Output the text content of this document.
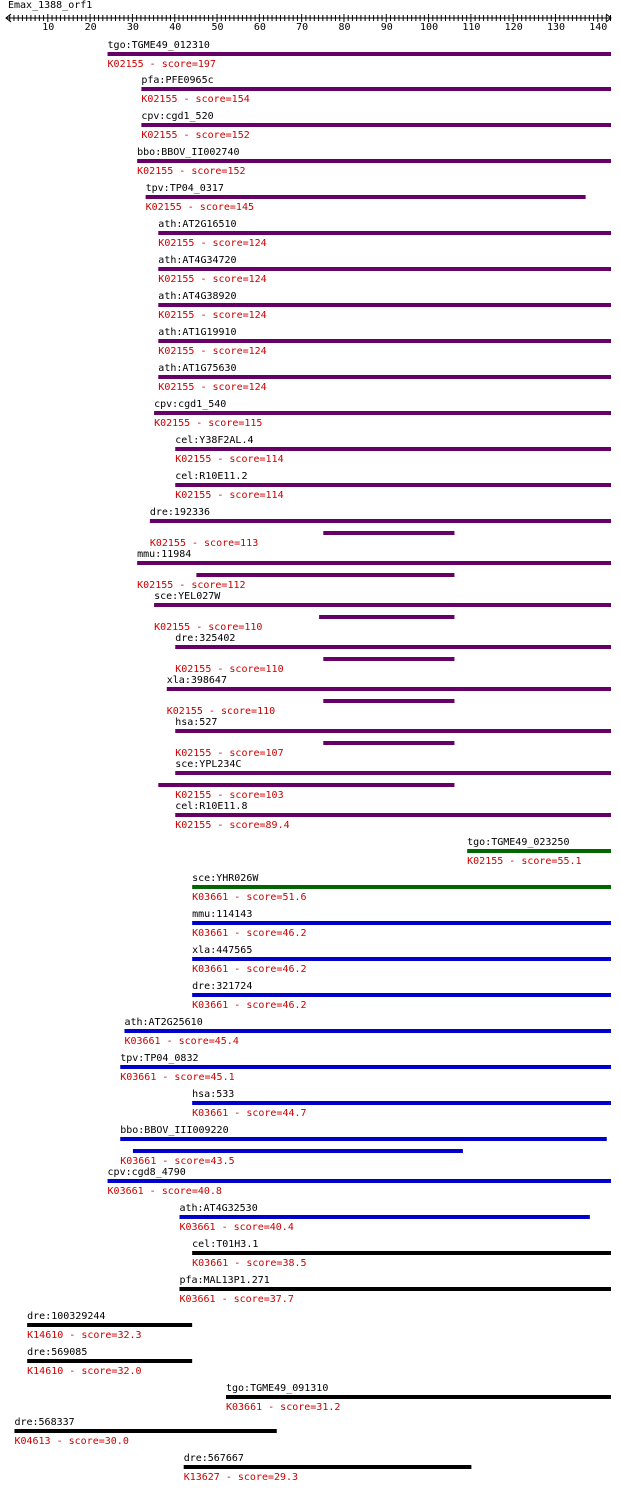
Emax_1388_orf1
10	20	30	40	50	60	70	80	90	100 110 120 130 140
tgo:TGME49_012310
K02155 - score=197
pfa:PFE0965c
K02155 - score=154
cpv:cgd1_520
K02155 - score=152
bbo:BBOV_II002740
K02155 - score=152
tpv:TP04_0317
K02155 - score=145
ath:AT2G16510
K02155 - score=124
ath:AT4G34720
K02155 - score=124
ath:AT4G38920
K02155 - score=124
ath:AT1G19910
K02155 - score=124
ath:AT1G75630
K02155 - score=124
cpv:cgd1_540
K02155 - score=115
cel:Y38F2AL.4
K02155 - score=114
cel:R10E11.2
K02155 - score=114
dre:192336
K02155 - score=113
mmu:11984
K02155 - score=112
sce:YEL027W
K02155 - score=110
dre:325402
K02155 - score=110
xla:398647
K02155 - score=110
hsa:527
K02155 - score=107
sce:YPL234C
K02155 - score=103
cel:R10E11.8
K02155 - score=89.4
tgo:TGME49_023250
K02155 - score=55.1
sce:YHR026W
K03661 - score=51.6
mmu:114143
K03661 - score=46.2
xla:447565
K03661 - score=46.2
dre:321724
K03661 - score=46.2
ath:AT2G25610
K03661 - score=45.4
tpv:TP04_0832
K03661 - score=45.1
hsa:533
K03661 - score=44.7
bbo:BBOV_III009220
K03661 - score=43.5
cpv:cgd8_4790
K03661 - score=40.8
ath:AT4G32530
K03661 - score=40.4
cel:T01H3.1
K03661 - score=38.5
pfa:MAL13P1.271
K03661 - score=37.7
dre:100329244
K14610 - score=32.3
dre:569085
K14610 - score=32.0
tgo:TGME49_091310
K03661 - score=31.2
dre:568337
K04613 - score=30.0
dre:567667
K13627 - score=29.3
